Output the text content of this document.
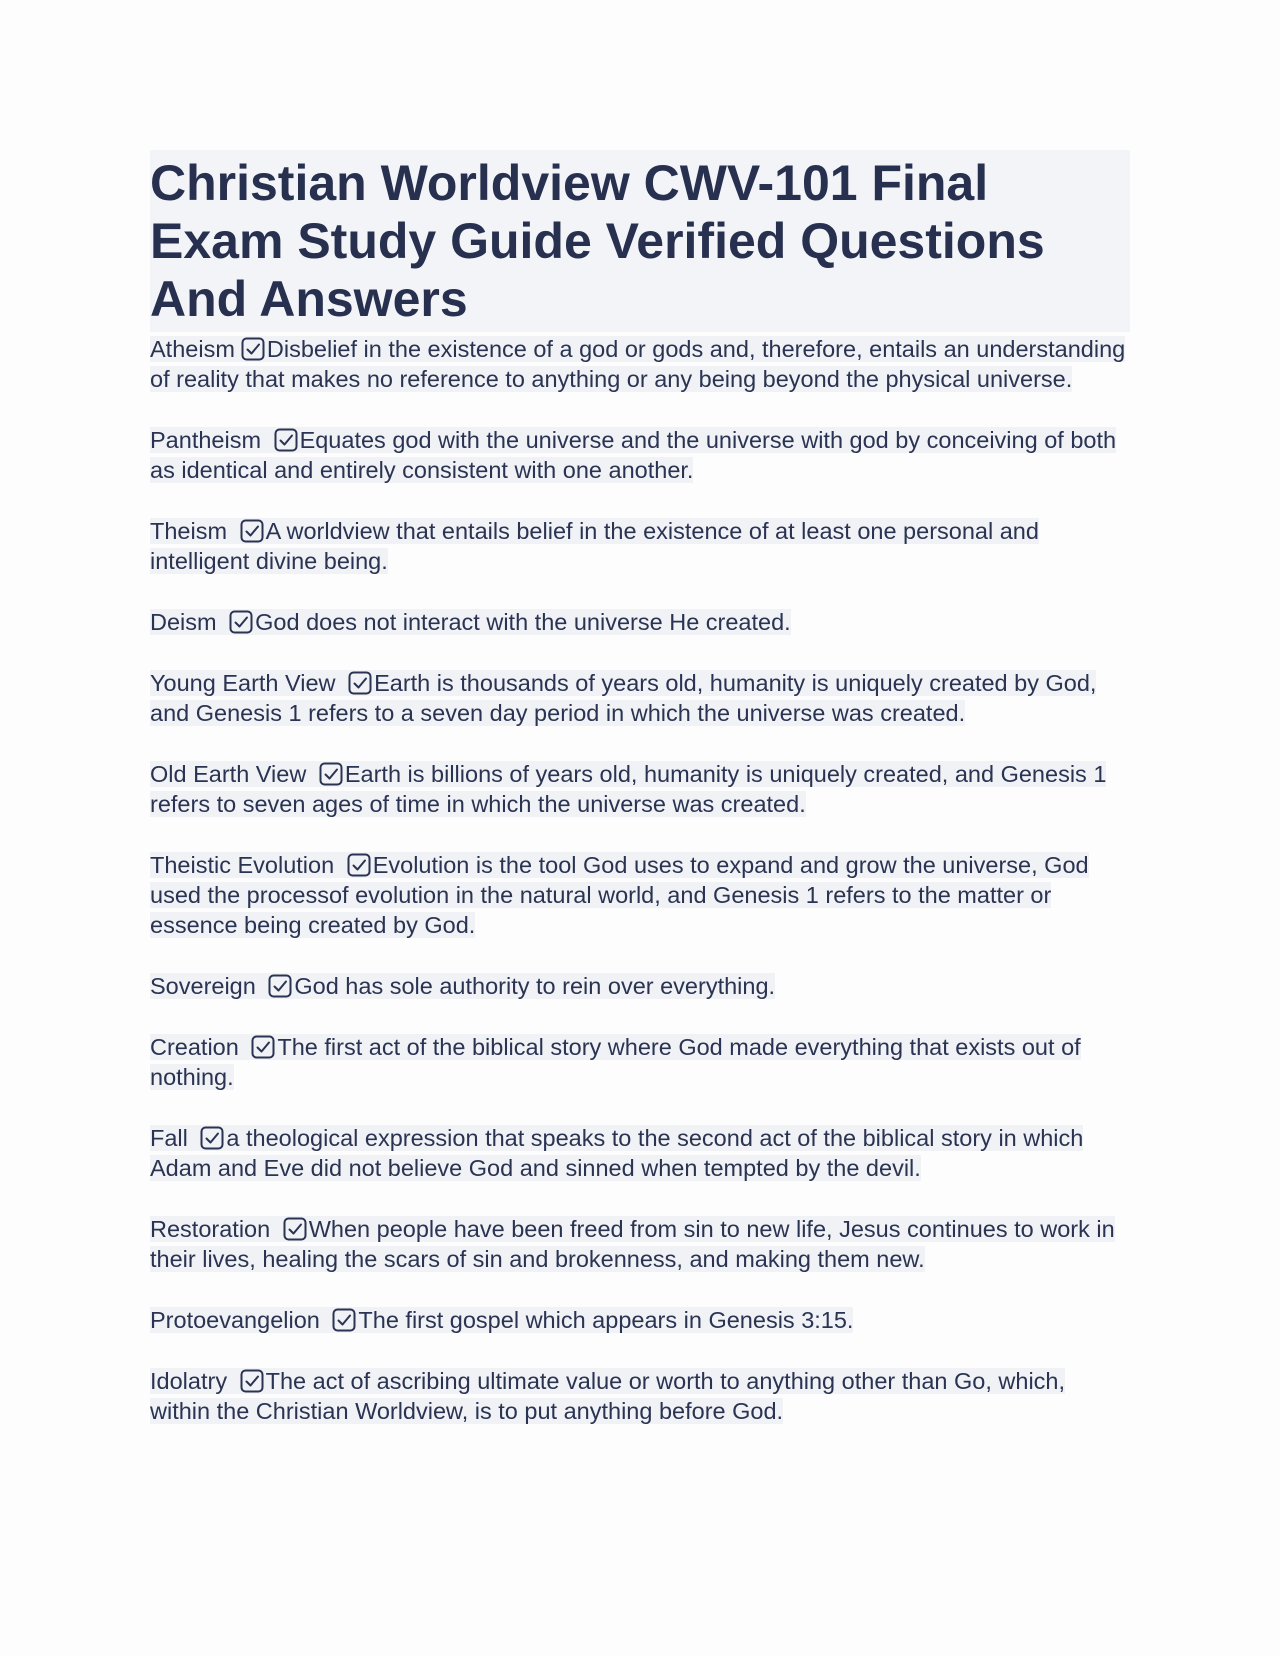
Christian Worldview CWV-101 Final Exam Study Guide Verified Questions And Answers
Atheism Disbelief in the existence of a god or gods and, therefore, entails an understanding of reality that makes no reference to anything or any being beyond the physical universe.
Pantheism Equates god with the universe and the universe with god by conceiving of both as identical and entirely consistent with one another.
Theism A worldview that entails belief in the existence of at least one personal and intelligent divine being.
Deism God does not interact with the universe He created.
Young Earth View Earth is thousands of years old, humanity is uniquely created by God, and Genesis 1 refers to a seven day period in which the universe was created.
Old Earth View Earth is billions of years old, humanity is uniquely created, and Genesis 1 refers to seven ages of time in which the universe was created.
Theistic Evolution Evolution is the tool God uses to expand and grow the universe, God used the processof evolution in the natural world, and Genesis 1 refers to the matter or essence being created by God.
Sovereign God has sole authority to rein over everything.
Creation The first act of the biblical story where God made everything that exists out of nothing.
Fall a theological expression that speaks to the second act of the biblical story in which Adam and Eve did not believe God and sinned when tempted by the devil.
Restoration When people have been freed from sin to new life, Jesus continues to work in their lives, healing the scars of sin and brokenness, and making them new.
Protoevangelion The first gospel which appears in Genesis 3:15.
Idolatry The act of ascribing ultimate value or worth to anything other than Go, which, within the Christian Worldview, is to put anything before God.
